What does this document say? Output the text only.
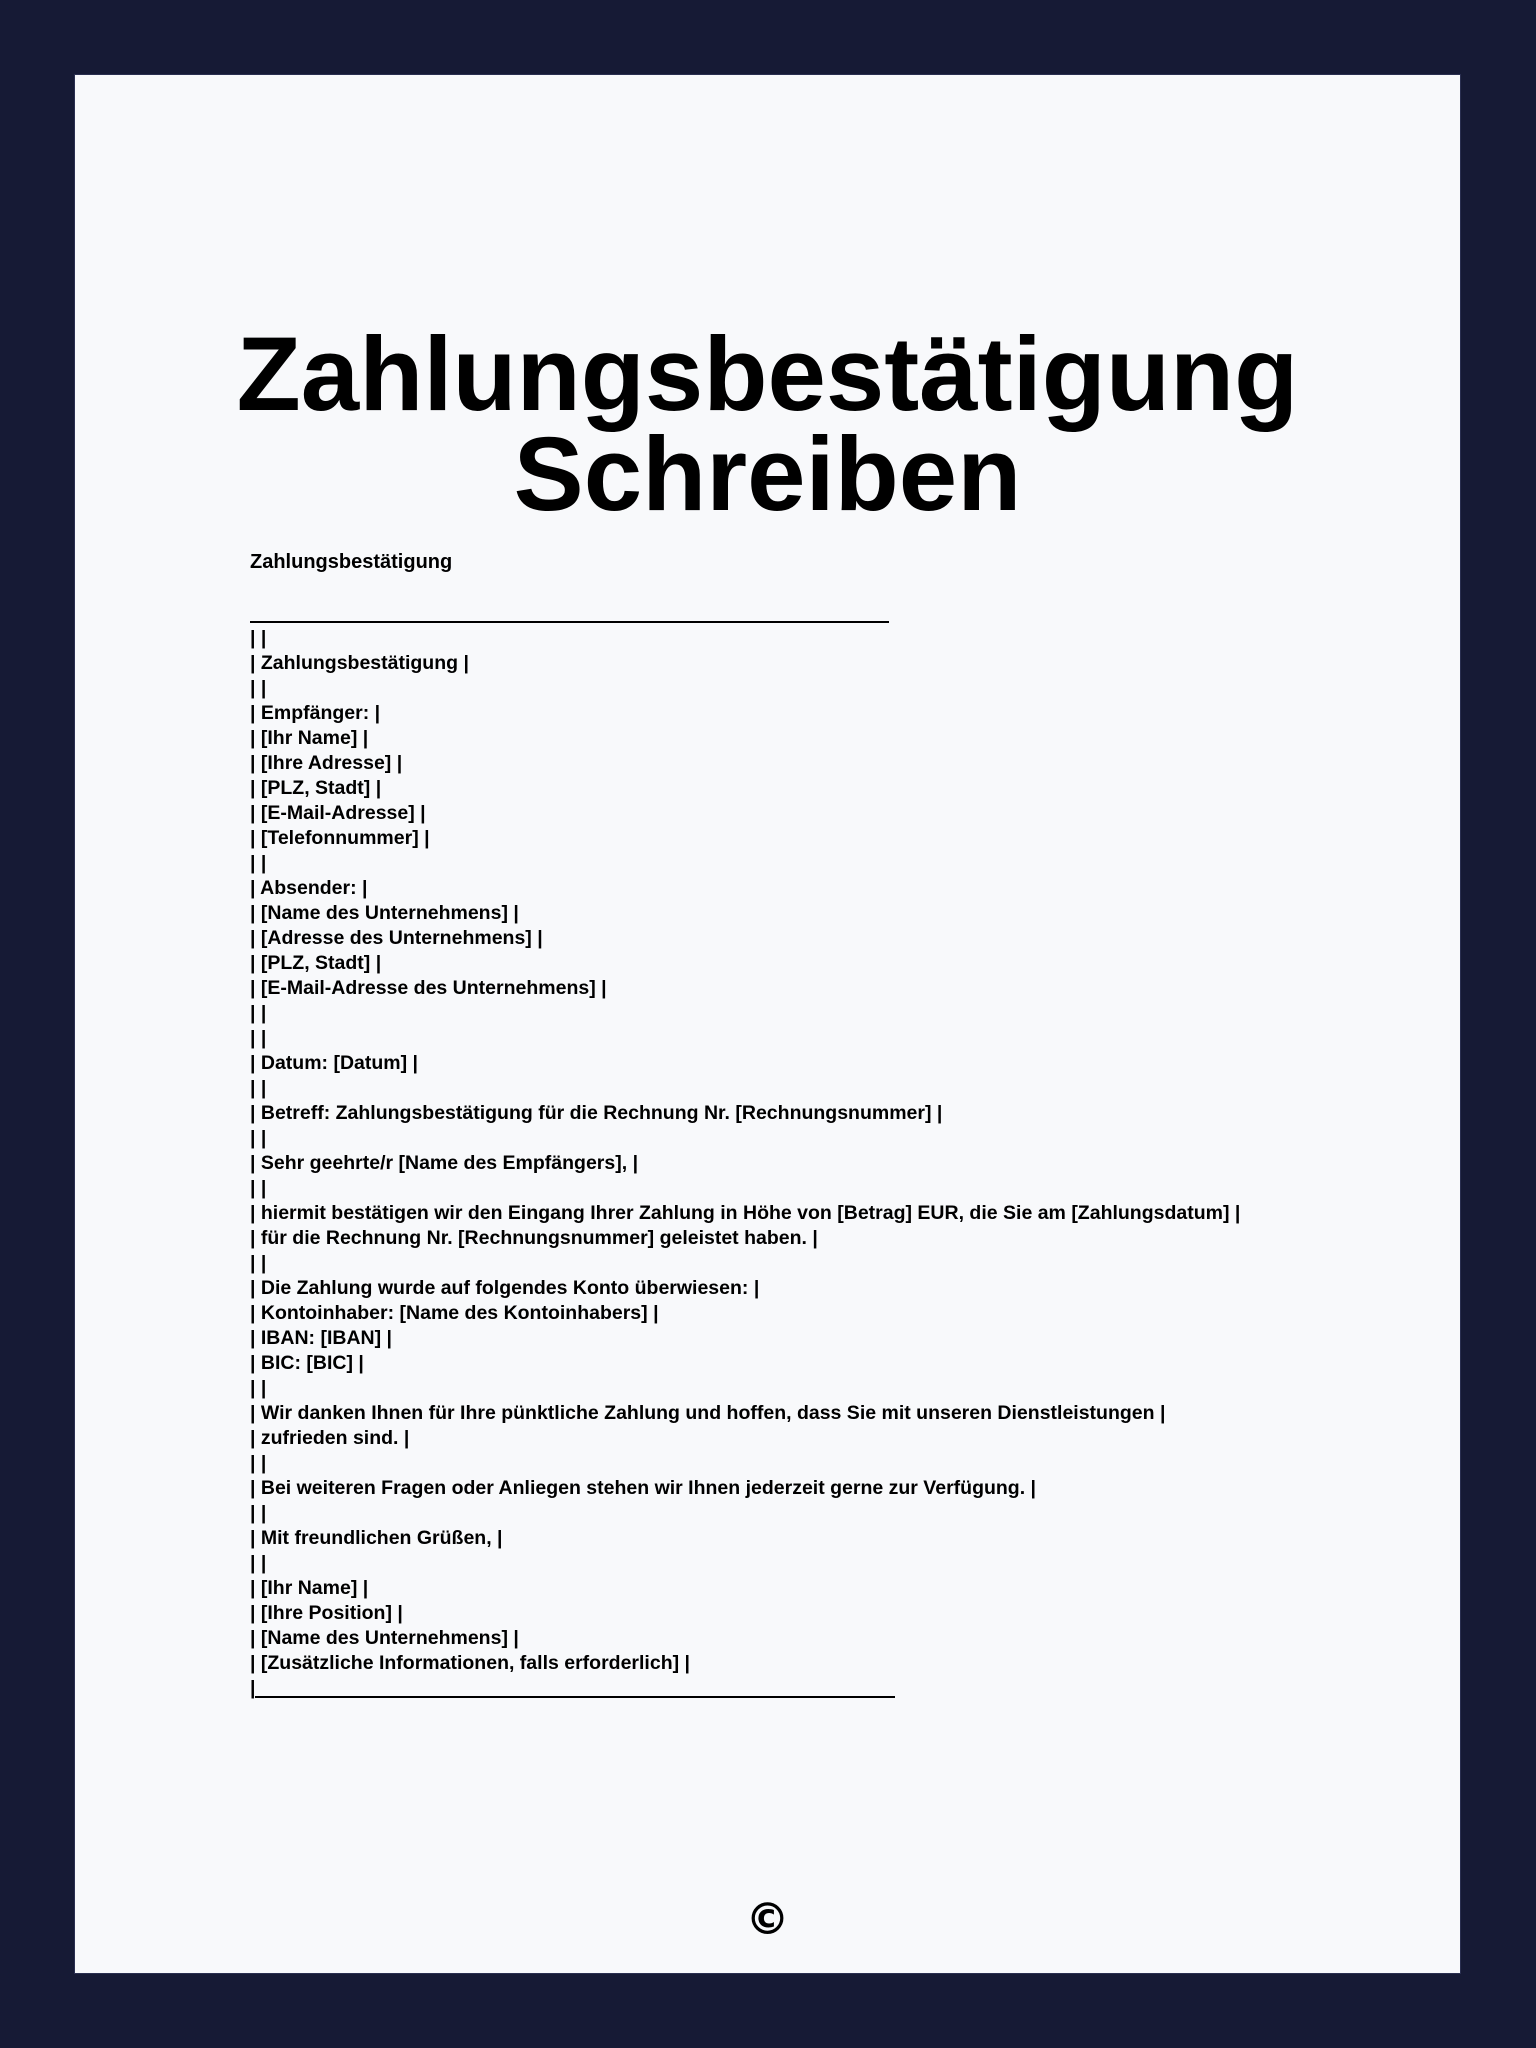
Zahlungsbestätigung
Schreiben
Zahlungsbestätigung
| |
| Zahlungsbestätigung |
| |
| Empfänger: |
| [Ihr Name] |
| [Ihre Adresse] |
| [PLZ, Stadt] |
| [E-Mail-Adresse] |
| [Telefonnummer] |
| |
| Absender: |
| [Name des Unternehmens] |
| [Adresse des Unternehmens] |
| [PLZ, Stadt] |
| [E-Mail-Adresse des Unternehmens] |
| |
| |
| Datum: [Datum] |
| |
| Betreff: Zahlungsbestätigung für die Rechnung Nr. [Rechnungsnummer] |
| |
| Sehr geehrte/r [Name des Empfängers], |
| |
| hiermit bestätigen wir den Eingang Ihrer Zahlung in Höhe von [Betrag] EUR, die Sie am [Zahlungsdatum] |
| für die Rechnung Nr. [Rechnungsnummer] geleistet haben. |
| |
| Die Zahlung wurde auf folgendes Konto überwiesen: |
| Kontoinhaber: [Name des Kontoinhabers] |
| IBAN: [IBAN] |
| BIC: [BIC] |
| |
| Wir danken Ihnen für Ihre pünktliche Zahlung und hoffen, dass Sie mit unseren Dienstleistungen |
| zufrieden sind. |
| |
| Bei weiteren Fragen oder Anliegen stehen wir Ihnen jederzeit gerne zur Verfügung. |
| |
| Mit freundlichen Grüßen, |
| |
| [Ihr Name] |
| [Ihre Position] |
| [Name des Unternehmens] |
| [Zusätzliche Informationen, falls erforderlich] |
|
©
